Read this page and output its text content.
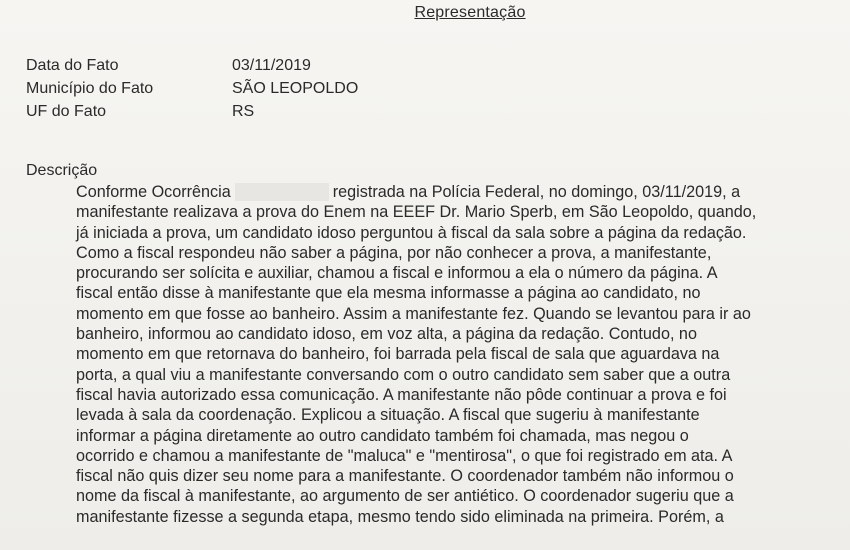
Representação
Data do Fato	03/11/2019
Município do Fato	SÃO LEOPOLDO
UF do Fato	RS
Descrição
Conforme Ocorrência	registrada na Polícia Federal, no domingo, 03/11/2019, a
manifestante realizava a prova do Enem na EEEF Dr. Mario Sperb, em São Leopoldo, quando,
já iniciada a prova, um candidato idoso perguntou à fiscal da sala sobre a página da redação.
Como a fiscal respondeu não saber a página, por não conhecer a prova, a manifestante,
procurando ser solícita e auxiliar, chamou a fiscal e informou a ela o número da página. A
fiscal então disse à manifestante que ela mesma informasse a página ao candidato, no
momento em que fosse ao banheiro. Assim a manifestante fez. Quando se levantou para ir ao
banheiro, informou ao candidato idoso, em voz alta, a página da redação. Contudo, no
momento em que retornava do banheiro, foi barrada pela fiscal de sala que aguardava na
porta, a qual viu a manifestante conversando com o outro candidato sem saber que a outra
fiscal havia autorizado essa comunicação. A manifestante não pôde continuar a prova e foi
levada à sala da coordenação. Explicou a situação. A fiscal que sugeriu à manifestante
informar a página diretamente ao outro candidato também foi chamada, mas negou o
ocorrido e chamou a manifestante de "maluca" e "mentirosa", o que foi registrado em ata. A
fiscal não quis dizer seu nome para a manifestante. O coordenador também não informou o
nome da fiscal à manifestante, ao argumento de ser antiético. O coordenador sugeriu que a
manifestante fizesse a segunda etapa, mesmo tendo sido eliminada na primeira. Porém, a
